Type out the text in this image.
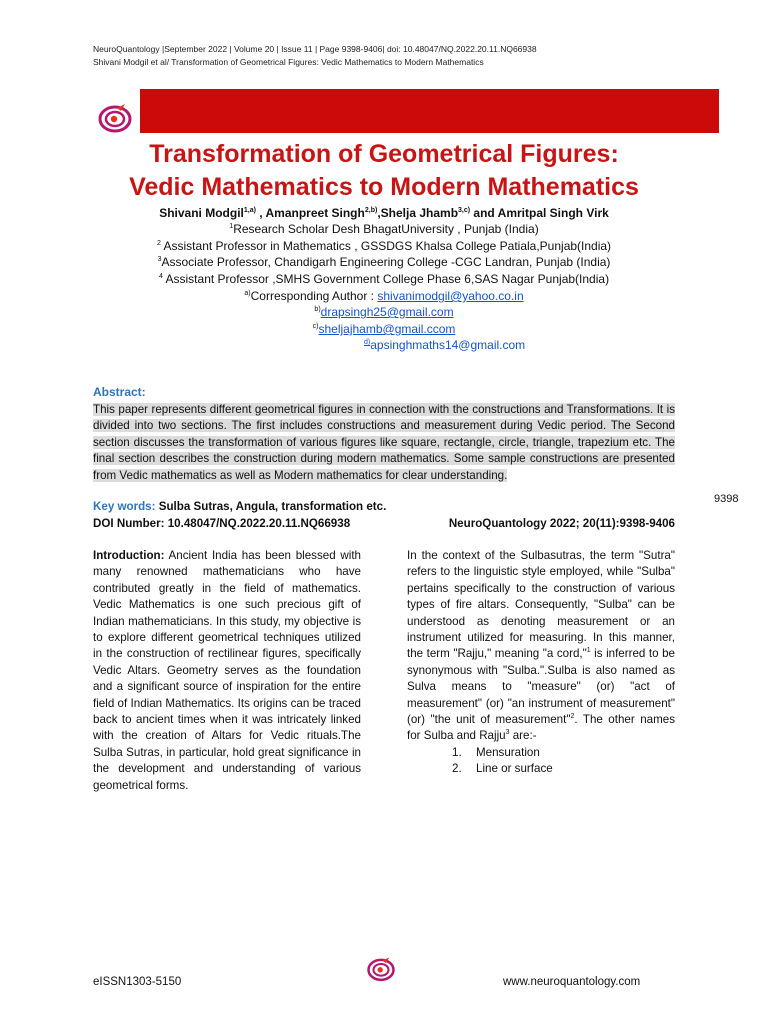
NeuroQuantology |September 2022 | Volume 20 | Issue 11 | Page 9398-9406| doi: 10.48047/NQ.2022.20.11.NQ66938
Shivani Modgil et al/ Transformation of Geometrical Figures: Vedic Mathematics to Modern Mathematics
Transformation of Geometrical Figures:
Vedic Mathematics to Modern Mathematics
Shivani Modgil$^{1,a)}$ , Amanpreet Singh$^{2,b)}$,Shelja Jhamb$^{3,c)}$ and Amritpal Singh Virk
$^1$Research Scholar Desh BhagatUniversity , Punjab (India)
$^2$ Assistant Professor in Mathematics , GSSDGS Khalsa College Patiala,Punjab(India)
$^3$Associate Professor, Chandigarh Engineering College -CGC Landran, Punjab (India)
$^4$ Assistant Professor ,SMHS Government College Phase 6,SAS Nagar Punjab(India)
$^{a)}$Corresponding Author : shivanimodgil@yahoo.co.in
$^{b)}$drapsingh25@gmail.com
$^{c)}$sheljajhamb@gmail.ccom
$^{d)}$apsinghmaths14@gmail.com
Abstract:
This paper represents different geometrical figures in connection with the constructions and Transformations. It is divided into two sections. The first includes constructions and measurement during Vedic period. The Second section discusses the transformation of various figures like square, rectangle, circle, triangle, trapezium etc. The final section describes the construction during modern mathematics. Some sample constructions are presented from Vedic mathematics as well as Modern mathematics for clear understanding.
9398
Key words: Sulba Sutras, Angula, transformation etc.
DOI Number: 10.48047/NQ.2022.20.11.NQ66938	NeuroQuantology 2022; 20(11):9398-9406

Introduction: Ancient India has been blessed with many renowned mathematicians who have contributed greatly in the field of mathematics. Vedic Mathematics is one such precious gift of Indian mathematicians. In this study, my objective is to explore different geometrical techniques utilized in the construction of rectilinear figures, specifically Vedic Altars. Geometry serves as the foundation and a significant source of inspiration for the entire field of Indian Mathematics. Its origins can be traced back to ancient times when it was intricately linked with the creation of Altars for Vedic rituals.The Sulba Sutras, in particular, hold great significance in the development and understanding of various geometrical forms.

In the context of the Sulbasutras, the term "Sutra" refers to the linguistic style employed, while "Sulba" pertains specifically to the construction of various types of fire altars. Consequently, "Sulba" can be understood as denoting measurement or an instrument utilized for measuring. In this manner, the term "Rajju," meaning "a cord,"$^1$ is inferred to be synonymous with "Sulba.".Sulba is also named as Sulva means to "measure" (or) "act of measurement" (or) "an instrument of measurement" (or) "the unit of measurement"$^2$. The other names for Sulba and Rajju$^3$ are:-

1. Mensuration
2. Line or surface
eISSN1303-5150	www.neuroquantology.com
